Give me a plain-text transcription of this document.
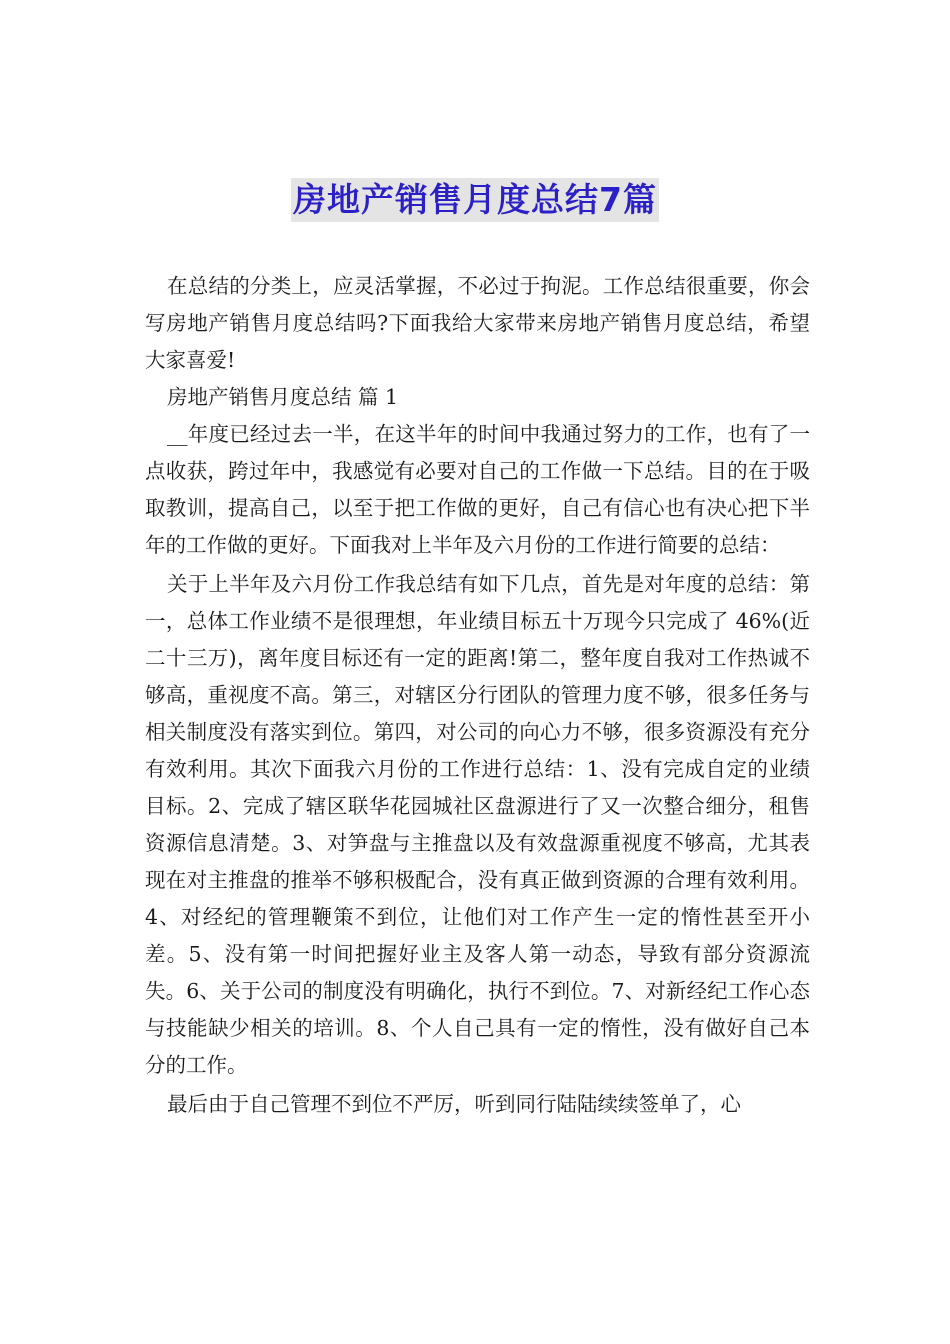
房地产销售月度总结7篇

在总结的分类上，应灵活掌握，不必过于拘泥。工作总结很重要，你会写房地产销售月度总结吗?下面我给大家带来房地产销售月度总结，希望大家喜爱!

房地产销售月度总结 篇 1

__年度已经过去一半，在这半年的时间中我通过努力的工作，也有了一点收获，跨过年中，我感觉有必要对自己的工作做一下总结。目的在于吸取教训，提高自己，以至于把工作做的更好，自己有信心也有决心把下半年的工作做的更好。下面我对上半年及六月份的工作进行简要的总结：

关于上半年及六月份工作我总结有如下几点，首先是对年度的总结：第一，总体工作业绩不是很理想，年业绩目标五十万现今只完成了 46%(近二十三万)，离年度目标还有一定的距离!第二，整年度自我对工作热诚不够高，重视度不高。第三，对辖区分行团队的管理力度不够，很多任务与相关制度没有落实到位。第四，对公司的向心力不够，很多资源没有充分有效利用。其次下面我六月份的工作进行总结：1、没有完成自定的业绩目标。2、完成了辖区联华花园城社区盘源进行了又一次整合细分，租售资源信息清楚。3、对笋盘与主推盘以及有效盘源重视度不够高，尤其表现在对主推盘的推举不够积极配合，没有真正做到资源的合理有效利用。4、对经纪的管理鞭策不到位，让他们对工作产生一定的惰性甚至开小差。5、没有第一时间把握好业主及客人第一动态，导致有部分资源流失。6、关于公司的制度没有明确化，执行不到位。7、对新经纪工作心态与技能缺少相关的培训。8、个人自己具有一定的惰性，没有做好自己本分的工作。

最后由于自己管理不到位不严厉，听到同行陆陆续续签单了，心
